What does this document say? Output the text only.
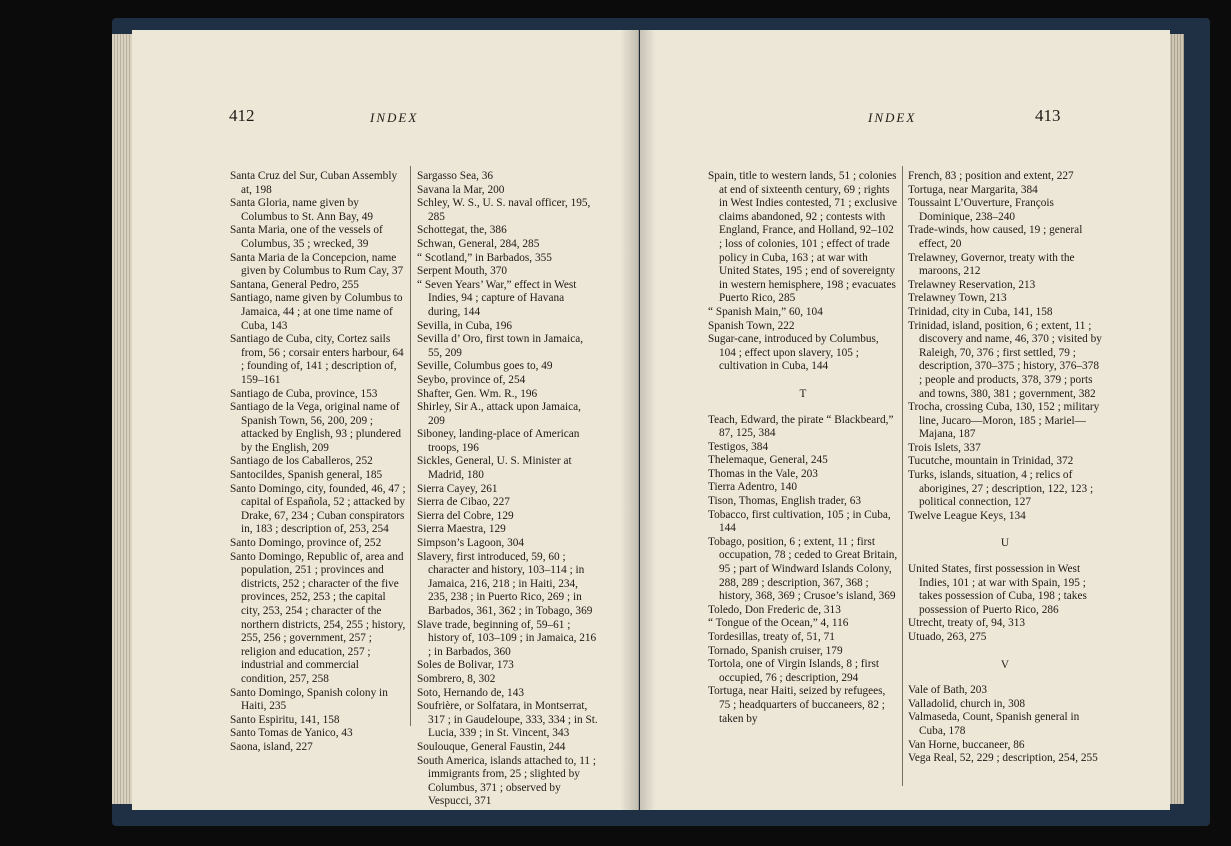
412	INDEX

Santa Cruz del Sur, Cuban Assembly at, 198

Santa Gloria, name given by Columbus to St. Ann Bay, 49

Santa Maria, one of the vessels of Columbus, 35 ; wrecked, 39

Santa Maria de la Concepcion, name given by Columbus to Rum Cay, 37

Santana, General Pedro, 255

Santiago, name given by Columbus to Jamaica, 44 ; at one time name of Cuba, 143

Santiago de Cuba, city, Cortez sails from, 56 ; corsair enters harbour, 64 ; founding of, 141 ; description of, 159–161

Santiago de Cuba, province, 153

Santiago de la Vega, original name of Spanish Town, 56, 200, 209 ; attacked by English, 93 ; plundered by the English, 209

Santiago de los Caballeros, 252

Santocildes, Spanish general, 185

Santo Domingo, city, founded, 46, 47 ; capital of Española, 52 ; attacked by Drake, 67, 234 ; Cuban conspirators in, 183 ; description of, 253, 254

Santo Domingo, province of, 252

Santo Domingo, Republic of, area and population, 251 ; provinces and districts, 252 ; character of the five provinces, 252, 253 ; the capital city, 253, 254 ; character of the northern districts, 254, 255 ; history, 255, 256 ; government, 257 ; religion and education, 257 ; industrial and commercial condition, 257, 258

Santo Domingo, Spanish colony in Haiti, 235

Santo Espiritu, 141, 158

Santo Tomas de Yanico, 43

Saona, island, 227

Sargasso Sea, 36

Savana la Mar, 200

Schley, W. S., U. S. naval officer, 195, 285

Schottegat, the, 386

Schwan, General, 284, 285

“ Scotland,” in Barbados, 355

Serpent Mouth, 370

“ Seven Years’ War,” effect in West Indies, 94 ; capture of Havana during, 144

Sevilla, in Cuba, 196

Sevilla d’ Oro, first town in Jamaica, 55, 209

Seville, Columbus goes to, 49

Seybo, province of, 254

Shafter, Gen. Wm. R., 196

Shirley, Sir A., attack upon Jamaica, 209

Siboney, landing-place of American troops, 196

Sickles, General, U. S. Minister at Madrid, 180

Sierra Cayey, 261

Sierra de Cibao, 227

Sierra del Cobre, 129

Sierra Maestra, 129

Simpson’s Lagoon, 304

Slavery, first introduced, 59, 60 ; character and history, 103–114 ; in Jamaica, 216, 218 ; in Haiti, 234, 235, 238 ; in Puerto Rico, 269 ; in Barbados, 361, 362 ; in Tobago, 369

Slave trade, beginning of, 59–61 ; history of, 103–109 ; in Jamaica, 216 ; in Barbados, 360

Soles de Bolivar, 173

Sombrero, 8, 302

Soto, Hernando de, 143

Soufrière, or Solfatara, in Montserrat, 317 ; in Gaudeloupe, 333, 334 ; in St. Lucia, 339 ; in St. Vincent, 343

Soulouque, General Faustin, 244

South America, islands attached to, 11 ; immigrants from, 25 ; slighted by Columbus, 371 ; observed by Vespucci, 371

INDEX	413

Spain, title to western lands, 51 ; colonies at end of sixteenth century, 69 ; rights in West Indies contested, 71 ; exclusive claims abandoned, 92 ; contests with England, France, and Holland, 92–102 ; loss of colonies, 101 ; effect of trade policy in Cuba, 163 ; at war with United States, 195 ; end of sovereignty in western hemisphere, 198 ; evacuates Puerto Rico, 285

“ Spanish Main,” 60, 104

Spanish Town, 222

Sugar-cane, introduced by Columbus, 104 ; effect upon slavery, 105 ; cultivation in Cuba, 144

T

Teach, Edward, the pirate “ Blackbeard,” 87, 125, 384

Testigos, 384

Thelemaque, General, 245

Thomas in the Vale, 203

Tierra Adentro, 140

Tison, Thomas, English trader, 63

Tobacco, first cultivation, 105 ; in Cuba, 144

Tobago, position, 6 ; extent, 11 ; first occupation, 78 ; ceded to Great Britain, 95 ; part of Windward Islands Colony, 288, 289 ; description, 367, 368 ; history, 368, 369 ; Crusoe’s island, 369

Toledo, Don Frederic de, 313

“ Tongue of the Ocean,” 4, 116

Tordesillas, treaty of, 51, 71

Tornado, Spanish cruiser, 179

Tortola, one of Virgin Islands, 8 ; first occupied, 76 ; description, 294

Tortuga, near Haiti, seized by refugees, 75 ; headquarters of buccaneers, 82 ; taken by

French, 83 ; position and extent, 227

Tortuga, near Margarita, 384

Toussaint L’Ouverture, François Dominique, 238–240

Trade-winds, how caused, 19 ; general effect, 20

Trelawney, Governor, treaty with the maroons, 212

Trelawney Reservation, 213

Trelawney Town, 213

Trinidad, city in Cuba, 141, 158

Trinidad, island, position, 6 ; extent, 11 ; discovery and name, 46, 370 ; visited by Raleigh, 70, 376 ; first settled, 79 ; description, 370–375 ; history, 376–378 ; people and products, 378, 379 ; ports and towns, 380, 381 ; government, 382

Trocha, crossing Cuba, 130, 152 ; military line, Jucaro—Moron, 185 ; Mariel—Majana, 187

Trois Islets, 337

Tucutche, mountain in Trinidad, 372

Turks, islands, situation, 4 ; relics of aborigines, 27 ; description, 122, 123 ; political connection, 127

Twelve League Keys, 134

U

United States, first possession in West Indies, 101 ; at war with Spain, 195 ; takes possession of Cuba, 198 ; takes possession of Puerto Rico, 286

Utrecht, treaty of, 94, 313

Utuado, 263, 275

V

Vale of Bath, 203

Valladolid, church in, 308

Valmaseda, Count, Spanish general in Cuba, 178

Van Horne, buccaneer, 86

Vega Real, 52, 229 ; description, 254, 255
